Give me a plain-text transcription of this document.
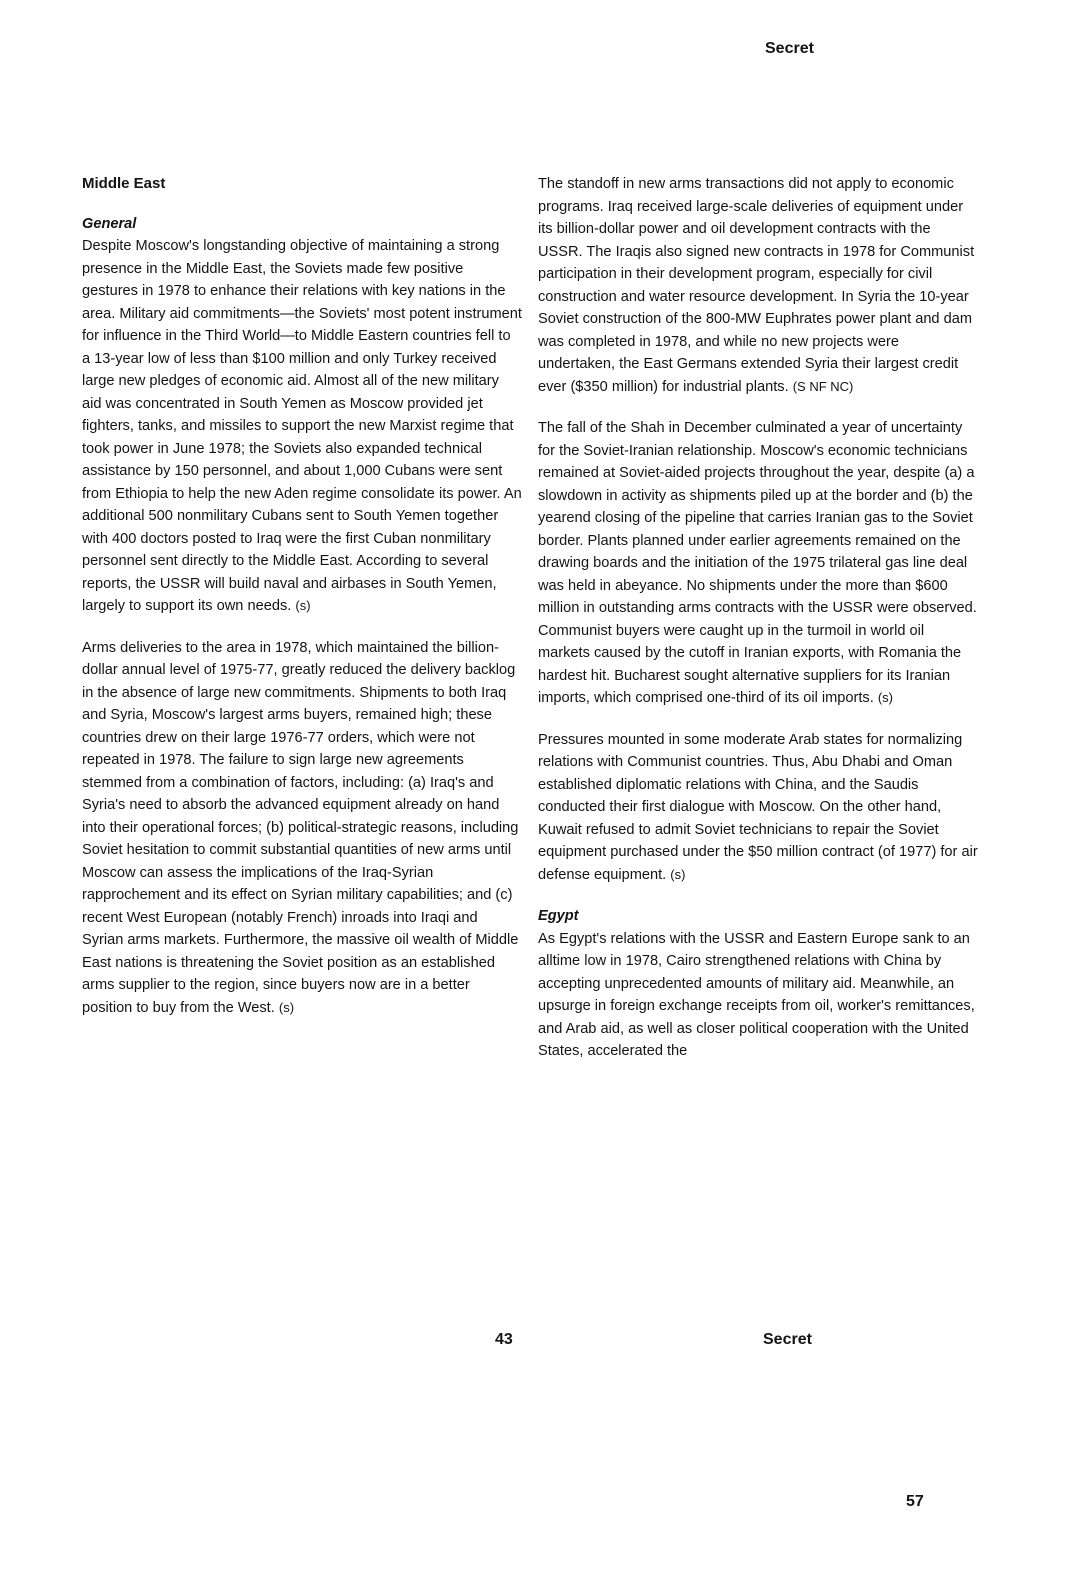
Secret
Middle East
General

Despite Moscow's longstanding objective of maintaining a strong presence in the Middle East, the Soviets made few positive gestures in 1978 to enhance their relations with key nations in the area. Military aid commitments—the Soviets' most potent instrument for influence in the Third World—to Middle Eastern countries fell to a 13-year low of less than $100 million and only Turkey received large new pledges of economic aid. Almost all of the new military aid was concentrated in South Yemen as Moscow provided jet fighters, tanks, and missiles to support the new Marxist regime that took power in June 1978; the Soviets also expanded technical assistance by 150 personnel, and about 1,000 Cubans were sent from Ethiopia to help the new Aden regime consolidate its power. An additional 500 nonmilitary Cubans sent to South Yemen together with 400 doctors posted to Iraq were the first Cuban nonmilitary personnel sent directly to the Middle East. According to several reports, the USSR will build naval and airbases in South Yemen, largely to support its own needs. (s)

Arms deliveries to the area in 1978, which maintained the billion-dollar annual level of 1975-77, greatly reduced the delivery backlog in the absence of large new commitments. Shipments to both Iraq and Syria, Moscow's largest arms buyers, remained high; these countries drew on their large 1976-77 orders, which were not repeated in 1978. The failure to sign large new agreements stemmed from a combination of factors, including: (a) Iraq's and Syria's need to absorb the advanced equipment already on hand into their operational forces; (b) political-strategic reasons, including Soviet hesitation to commit substantial quantities of new arms until Moscow can assess the implications of the Iraq-Syrian rapprochement and its effect on Syrian military capabilities; and (c) recent West European (notably French) inroads into Iraqi and Syrian arms markets. Furthermore, the massive oil wealth of Middle East nations is threatening the Soviet position as an established arms supplier to the region, since buyers now are in a better position to buy from the West. (s)

The standoff in new arms transactions did not apply to economic programs. Iraq received large-scale deliveries of equipment under its billion-dollar power and oil development contracts with the USSR. The Iraqis also signed new contracts in 1978 for Communist participation in their development program, especially for civil construction and water resource development. In Syria the 10-year Soviet construction of the 800-MW Euphrates power plant and dam was completed in 1978, and while no new projects were undertaken, the East Germans extended Syria their largest credit ever ($350 million) for industrial plants. (S NF NC)

The fall of the Shah in December culminated a year of uncertainty for the Soviet-Iranian relationship. Moscow's economic technicians remained at Soviet-aided projects throughout the year, despite (a) a slowdown in activity as shipments piled up at the border and (b) the yearend closing of the pipeline that carries Iranian gas to the Soviet border. Plants planned under earlier agreements remained on the drawing boards and the initiation of the 1975 trilateral gas line deal was held in abeyance. No shipments under the more than $600 million in outstanding arms contracts with the USSR were observed. Communist buyers were caught up in the turmoil in world oil markets caused by the cutoff in Iranian exports, with Romania the hardest hit. Bucharest sought alternative suppliers for its Iranian imports, which comprised one-third of its oil imports. (s)

Pressures mounted in some moderate Arab states for normalizing relations with Communist countries. Thus, Abu Dhabi and Oman established diplomatic relations with China, and the Saudis conducted their first dialogue with Moscow. On the other hand, Kuwait refused to admit Soviet technicians to repair the Soviet equipment purchased under the $50 million contract (of 1977) for air defense equipment. (s)

Egypt

As Egypt's relations with the USSR and Eastern Europe sank to an alltime low in 1978, Cairo strengthened relations with China by accepting unprecedented amounts of military aid. Meanwhile, an upsurge in foreign exchange receipts from oil, worker's remittances, and Arab aid, as well as closer political cooperation with the United States, accelerated the

43	Secret
57
